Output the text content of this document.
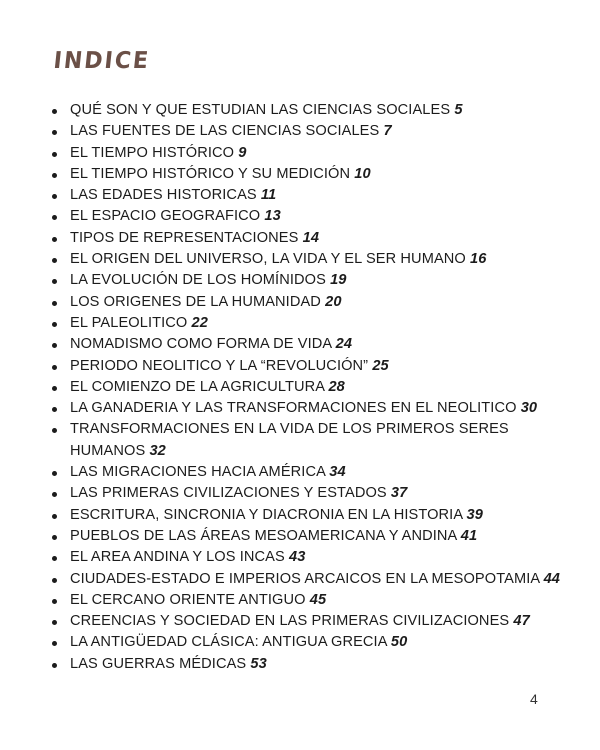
INDICE
QUÉ SON Y QUE ESTUDIAN LAS CIENCIAS SOCIALES 5
LAS FUENTES DE LAS CIENCIAS SOCIALES 7
EL TIEMPO HISTÓRICO 9
EL TIEMPO HISTÓRICO Y SU MEDICIÓN 10
LAS EDADES HISTORICAS 11
EL ESPACIO GEOGRAFICO 13
TIPOS DE REPRESENTACIONES 14
EL ORIGEN DEL UNIVERSO, LA VIDA Y EL SER HUMANO 16
LA EVOLUCIÓN DE LOS HOMÍNIDOS 19
LOS ORIGENES DE LA HUMANIDAD 20
EL PALEOLITICO 22
NOMADISMO COMO FORMA DE VIDA 24
PERIODO NEOLITICO Y LA “REVOLUCIÓN” 25
EL COMIENZO DE LA AGRICULTURA 28
LA GANADERIA Y LAS TRANSFORMACIONES EN EL NEOLITICO 30
TRANSFORMACIONES EN LA VIDA DE LOS PRIMEROS SERES HUMANOS 32
LAS MIGRACIONES HACIA AMÉRICA 34
LAS PRIMERAS CIVILIZACIONES Y ESTADOS 37
ESCRITURA, SINCRONIA Y DIACRONIA EN LA HISTORIA 39
PUEBLOS DE LAS ÁREAS MESOAMERICANA Y ANDINA 41
EL AREA ANDINA Y LOS INCAS 43
CIUDADES-ESTADO E IMPERIOS ARCAICOS EN LA MESOPOTAMIA 44
EL CERCANO ORIENTE ANTIGUO 45
CREENCIAS Y SOCIEDAD EN LAS PRIMERAS CIVILIZACIONES 47
LA ANTIGÜEDAD CLÁSICA: ANTIGUA GRECIA 50
LAS GUERRAS MÉDICAS 53
4
